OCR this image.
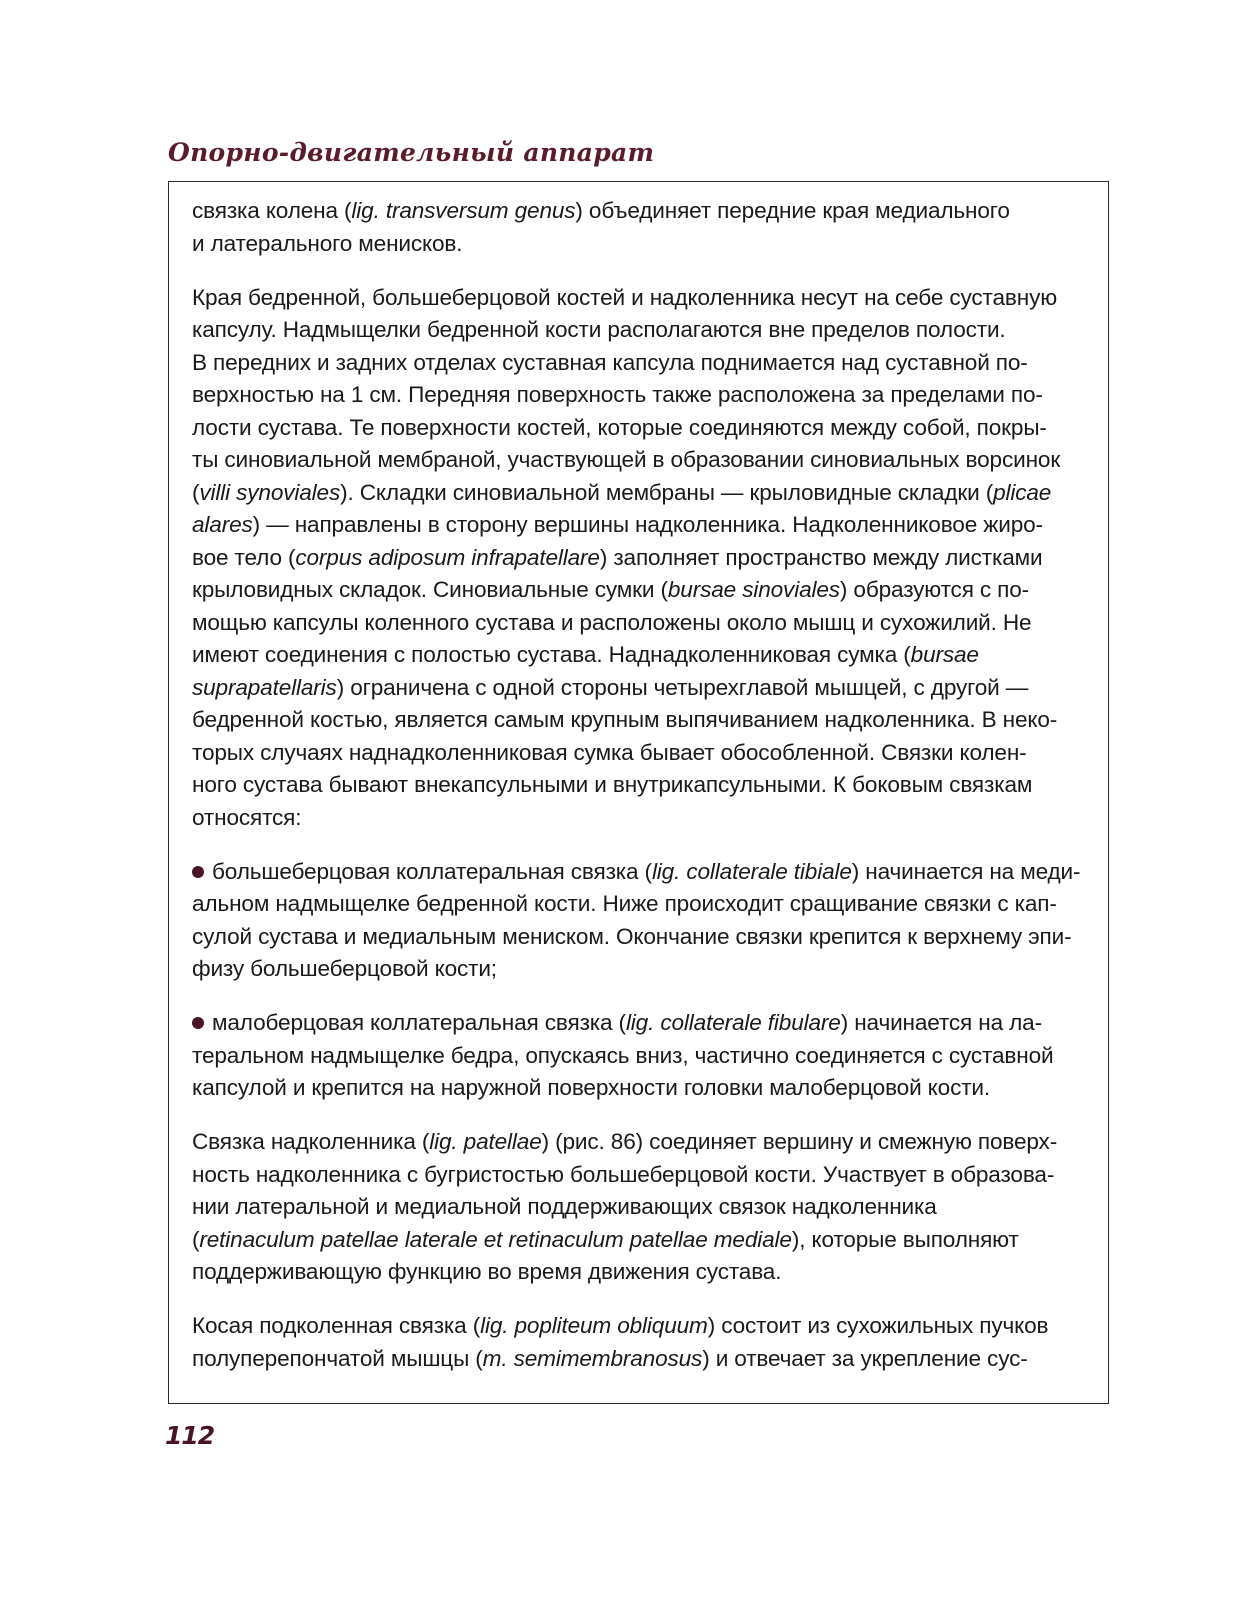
Опорно-двигательный аппарат
связка колена (lig. transversum genus) объединяет передние края медиального
и латерального менисков.
Края бедренной, большеберцовой костей и надколенника несут на себе суставную
капсулу. Надмыщелки бедренной кости располагаются вне пределов полости.
В передних и задних отделах суставная капсула поднимается над суставной по-
верхностью на 1 см. Передняя поверхность также расположена за пределами по-
лости сустава. Те поверхности костей, которые соединяются между собой, покры-
ты синовиальной мембраной, участвующей в образовании синовиальных ворсинок
(villi synoviales). Складки синовиальной мембраны — крыловидные складки (plicae
alares) — направлены в сторону вершины надколенника. Надколенниковое жиро-
вое тело (corpus adiposum infrapatellare) заполняет пространство между листками
крыловидных складок. Синовиальные сумки (bursae sinoviales) образуются с по-
мощью капсулы коленного сустава и расположены около мышц и сухожилий. Не
имеют соединения с полостью сустава. Наднадколенниковая сумка (bursae
suprapatellaris) ограничена с одной стороны четырехглавой мышцей, с другой —
бедренной костью, является самым крупным выпячиванием надколенника. В неко-
торых случаях наднадколенниковая сумка бывает обособленной. Связки колен-
ного сустава бывают внекапсульными и внутрикапсульными. К боковым связкам
относятся:
большеберцовая коллатеральная связка (lig. collaterale tibiale) начинается на меди-
альном надмыщелке бедренной кости. Ниже происходит сращивание связки с кап-
сулой сустава и медиальным мениском. Окончание связки крепится к верхнему эпи-
физу большеберцовой кости;
малоберцовая коллатеральная связка (lig. collaterale fibulare) начинается на ла-
теральном надмыщелке бедра, опускаясь вниз, частично соединяется с суставной
капсулой и крепится на наружной поверхности головки малоберцовой кости.
Связка надколенника (lig. patellae) (рис. 86) соединяет вершину и смежную поверх-
ность надколенника с бугристостью большеберцовой кости. Участвует в образова-
нии латеральной и медиальной поддерживающих связок надколенника
(retinaculum patellae laterale et retinaculum patellae mediale), которые выполняют
поддерживающую функцию во время движения сустава.
Косая подколенная связка (lig. popliteum obliquum) состоит из сухожильных пучков
полуперепончатой мышцы (m. semimembranosus) и отвечает за укрепление сус-
112
